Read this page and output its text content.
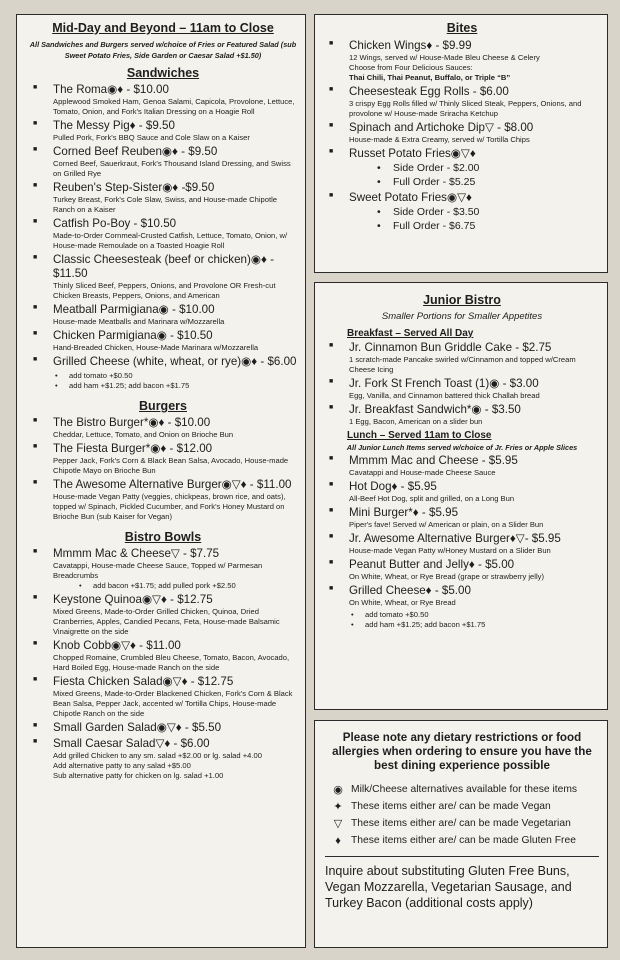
Mid-Day and Beyond – 11am to Close
All Sandwiches and Burgers served w/choice of Fries or Featured Salad (sub Sweet Potato Fries, Side Garden or Caesar Salad +$1.50)
Sandwiches
■ The Roma◉♦ - $10.00
Applewood Smoked Ham, Genoa Salami, Capicola, Provolone, Lettuce, Tomato, Onion, and Fork's Italian Dressing on a Hoagie Roll
■ The Messy Pig♦ - $9.50
Pulled Pork, Fork's BBQ Sauce and Cole Slaw on a Kaiser
■ Corned Beef Reuben◉♦ - $9.50
Corned Beef, Sauerkraut, Fork's Thousand Island Dressing, and Swiss on Grilled Rye
■ Reuben's Step-Sister◉♦ -$9.50
Turkey Breast, Fork's Cole Slaw, Swiss, and House-made Chipotle Ranch on a Kaiser
■ Catfish Po-Boy - $10.50
Made-to-Order Cornmeal-Crusted Catfish, Lettuce, Tomato, Onion, w/ House-made Remoulade on a Toasted Hoagie Roll
■ Classic Cheesesteak (beef or chicken)◉♦ - $11.50
Thinly Sliced Beef, Peppers, Onions, and Provolone OR Fresh-cut Chicken Breasts, Peppers, Onions, and American
■ Meatball Parmigiana◉ - $10.00
House-made Meatballs and Marinara w/Mozzarella
■ Chicken Parmigiana◉ - $10.50
Hand-Breaded Chicken, House-Made Marinara w/Mozzarella
■ Grilled Cheese (white, wheat, or rye)◉♦ - $6.00
• add tomato +$0.50
• add ham +$1.25; add bacon +$1.75
Burgers
■ The Bistro Burger*◉♦ - $10.00
Cheddar, Lettuce, Tomato, and Onion on Brioche Bun
■ The Fiesta Burger*◉♦ - $12.00
Pepper Jack, Fork's Corn & Black Bean Salsa, Avocado, House-made Chipotle Mayo on Brioche Bun
■ The Awesome Alternative Burger◉▽♦ - $11.00
House-made Vegan Patty (veggies, chickpeas, brown rice, and oats), topped w/ Spinach, Pickled Cucumber, and Fork's Honey Mustard on Brioche Bun (sub Kaiser for Vegan)
Bistro Bowls
■ Mmmm Mac & Cheese▽ - $7.75
Cavatappi, House-made Cheese Sauce, Topped w/ Parmesan Breadcrumbs
• add bacon +$1.75; add pulled pork +$2.50
■ Keystone Quinoa◉▽♦ - $12.75
Mixed Greens, Made-to-Order Grilled Chicken, Quinoa, Dried Cranberries, Apples, Candied Pecans, Feta, House-made Balsamic Vinaigrette on the side
■ Knob Cobb◉▽♦ - $11.00
Chopped Romaine, Crumbled Bleu Cheese, Tomato, Bacon, Avocado, Hard Boiled Egg, House-made Ranch on the side
■ Fiesta Chicken Salad◉▽♦ - $12.75
Mixed Greens, Made-to-Order Blackened Chicken, Fork's Corn & Black Bean Salsa, Pepper Jack, accented w/ Tortilla Chips, House-made Chipotle Ranch on the side
■ Small Garden Salad◉▽♦ - $5.50
■ Small Caesar Salad▽♦ - $6.00
Add grilled Chicken to any sm. salad +$2.00 or lg. salad +4.00
Add alternative patty to any salad +$5.00
Sub alternative patty for chicken on lg. salad +1.00
Bites
■ Chicken Wings♦ - $9.99
12 Wings, served w/ House-Made Bleu Cheese & Celery
Choose from Four Delicious Sauces:
Thai Chili, Thai Peanut, Buffalo, or Triple “B”
■ Cheesesteak Egg Rolls - $6.00
3 crispy Egg Rolls filled w/ Thinly Sliced Steak, Peppers, Onions, and provolone w/ House-made Sriracha Ketchup
■ Spinach and Artichoke Dip▽ - $8.00
House-made & Extra Creamy, served w/ Tortilla Chips
■ Russet Potato Fries◉▽♦
• Side Order - $2.00
• Full Order - $5.25
■ Sweet Potato Fries◉▽♦
• Side Order - $3.50
• Full Order - $6.75
Junior Bistro
Smaller Portions for Smaller Appetites
Breakfast – Served All Day
■ Jr. Cinnamon Bun Griddle Cake - $2.75
1 scratch-made Pancake swirled w/Cinnamon and topped w/Cream Cheese Icing
■ Jr. Fork St French Toast (1)◉ - $3.00
Egg, Vanilla, and Cinnamon battered thick Challah bread
■ Jr. Breakfast Sandwich*◉ - $3.50
1 Egg, Bacon, American on a slider bun
Lunch – Served 11am to Close
All Junior Lunch Items served w/choice of Jr. Fries or Apple Slices
■ Mmmm Mac and Cheese - $5.95
Cavatappi and House-made Cheese Sauce
■ Hot Dog♦ - $5.95
All-Beef Hot Dog, split and grilled, on a Long Bun
■ Mini Burger*♦ - $5.95
Piper's fave! Served w/ American or plain, on a Slider Bun
■ Jr. Awesome Alternative Burger♦▽- $5.95
House-made Vegan Patty w/Honey Mustard on a Slider Bun
■ Peanut Butter and Jelly♦ - $5.00
On White, Wheat, or Rye Bread (grape or strawberry jelly)
■ Grilled Cheese♦ - $5.00
On White, Wheat, or Rye Bread
• add tomato +$0.50
• add ham +$1.25; add bacon +$1.75
Please note any dietary restrictions or food allergies when ordering to ensure you have the best dining experience possible
◉ Milk/Cheese alternatives available for these items
✦ These items either are/ can be made Vegan
▽ These items either are/ can be made Vegetarian
♦ These items either are/ can be made Gluten Free
Inquire about substituting Gluten Free Buns, Vegan Mozzarella, Vegetarian Sausage, and Turkey Bacon (additional costs apply)
